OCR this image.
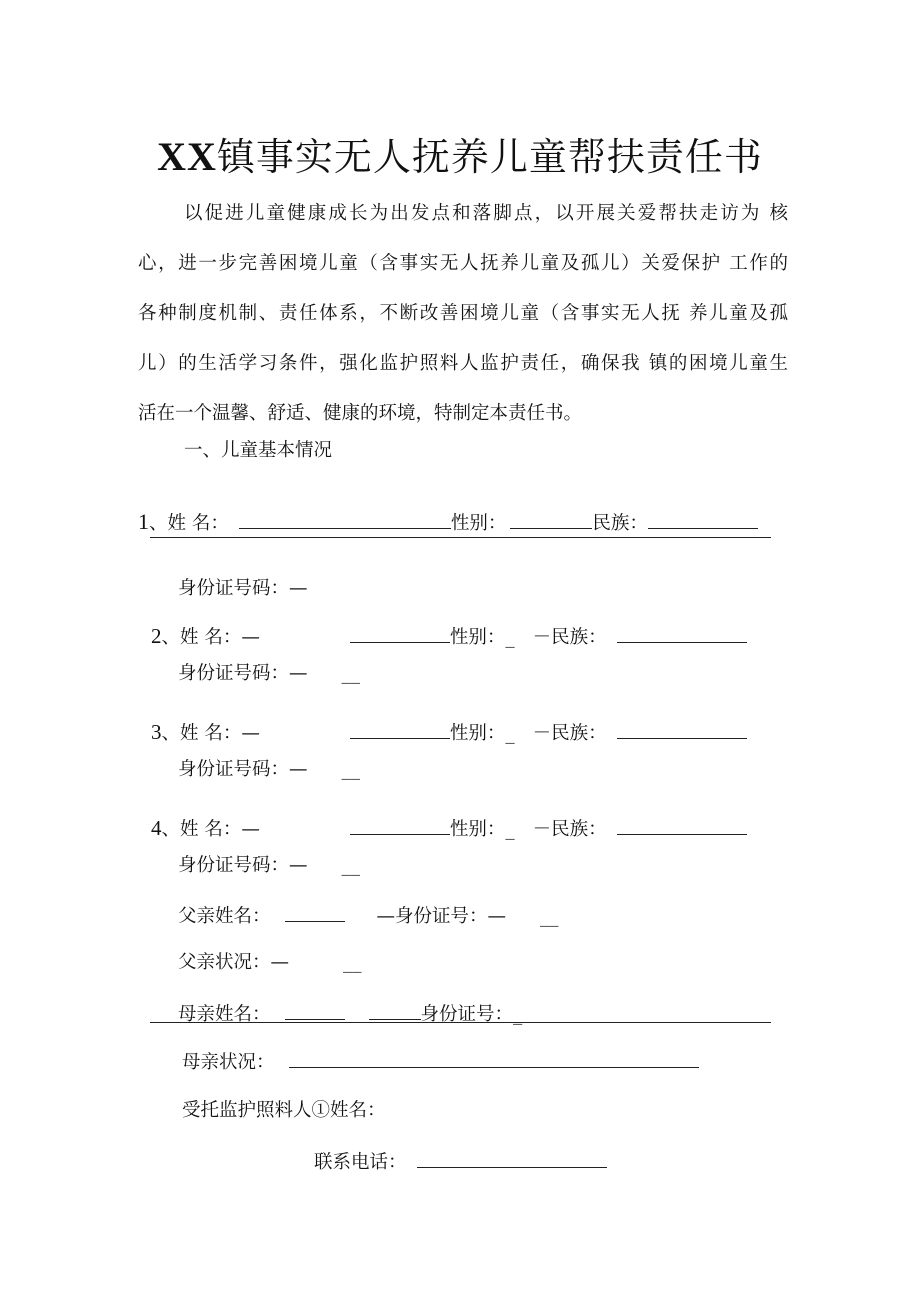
XX镇事实无人抚养儿童帮扶责任书
以促进儿童健康成长为出发点和落脚点，以开展关爱帮扶走访为 核
心，进一步完善困境儿童（含事实无人抚养儿童及孤儿）关爱保护 工作的
各种制度机制、责任体系，不断改善困境儿童（含事实无人抚 养儿童及孤
儿）的生活学习条件，强化监护照料人监护责任，确保我 镇的困境儿童生
活在一个温馨、舒适、健康的环境，特制定本责任书。
一、儿童基本情况
1、姓 名：	性别：	民族：
身份证号码：—
2、姓 名：—	性别：_ －民族：
身份证号码：— __
3、姓 名：—	性别：_ －民族：
身份证号码：— __
4、姓 名：—	性别：_ －民族：
身份证号码：— __
父亲姓名：	—身份证号：— __
父亲状况：—	__
母亲姓名：	身份证号：_
母亲状况：
受托监护照料人①姓名：
联系电话：
